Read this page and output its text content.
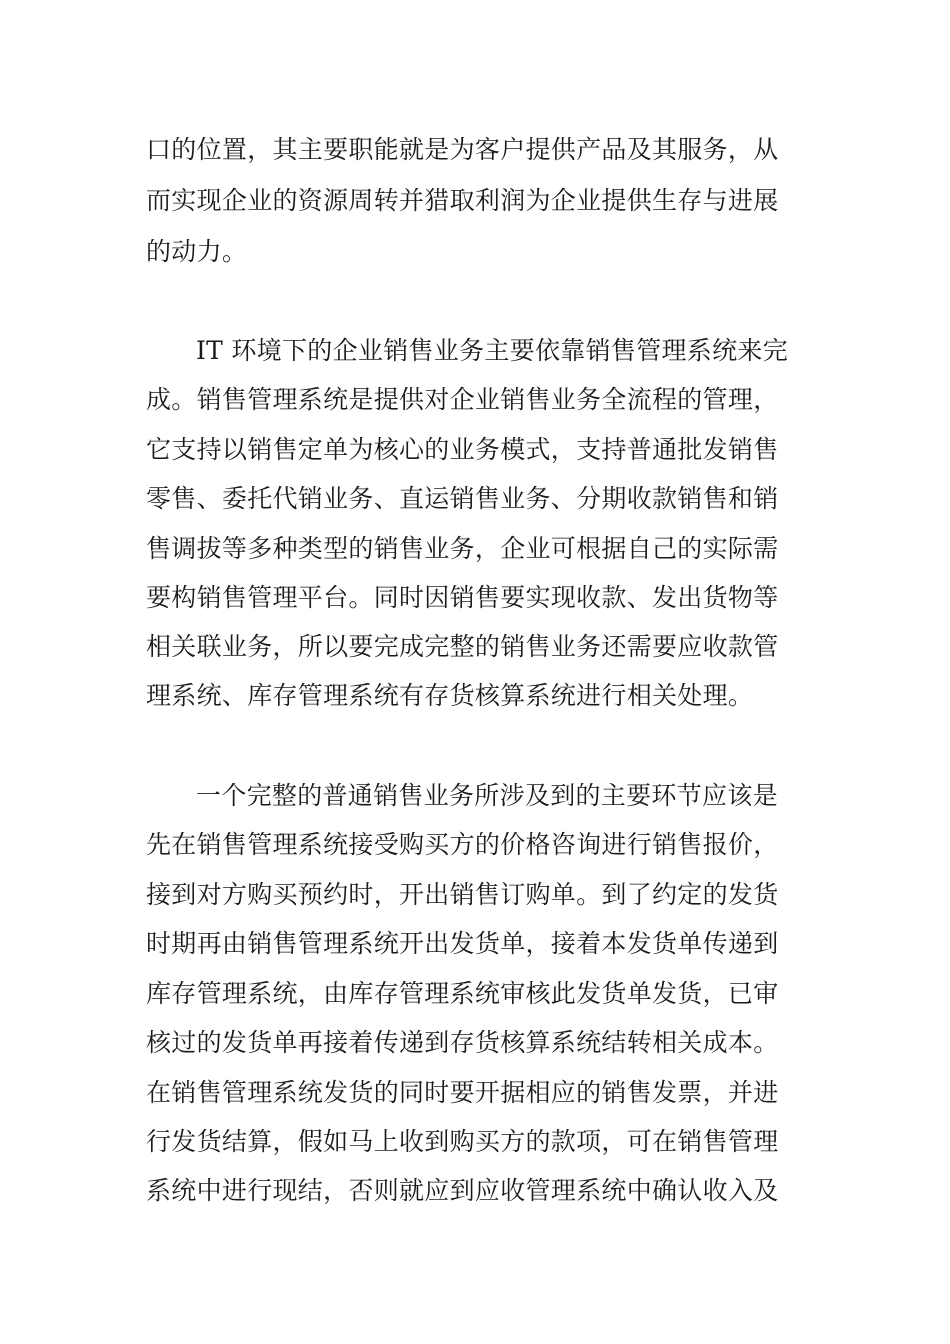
口的位置，其主要职能就是为客户提供产品及其服务，从
而实现企业的资源周转并猎取利润为企业提供生存与进展
的动力。
IT 环境下的企业销售业务主要依靠销售管理系统来完
成。销售管理系统是提供对企业销售业务全流程的管理，
它支持以销售定单为核心的业务模式，支持普通批发销售
零售、委托代销业务、直运销售业务、分期收款销售和销
售调拔等多种类型的销售业务，企业可根据自己的实际需
要构销售管理平台。同时因销售要实现收款、发出货物等
相关联业务，所以要完成完整的销售业务还需要应收款管
理系统、库存管理系统有存货核算系统进行相关处理。
一个完整的普通销售业务所涉及到的主要环节应该是
先在销售管理系统接受购买方的价格咨询进行销售报价，
接到对方购买预约时，开出销售订购单。到了约定的发货
时期再由销售管理系统开出发货单，接着本发货单传递到
库存管理系统，由库存管理系统审核此发货单发货，已审
核过的发货单再接着传递到存货核算系统结转相关成本。
在销售管理系统发货的同时要开据相应的销售发票，并进
行发货结算，假如马上收到购买方的款项，可在销售管理
系统中进行现结，否则就应到应收管理系统中确认收入及
